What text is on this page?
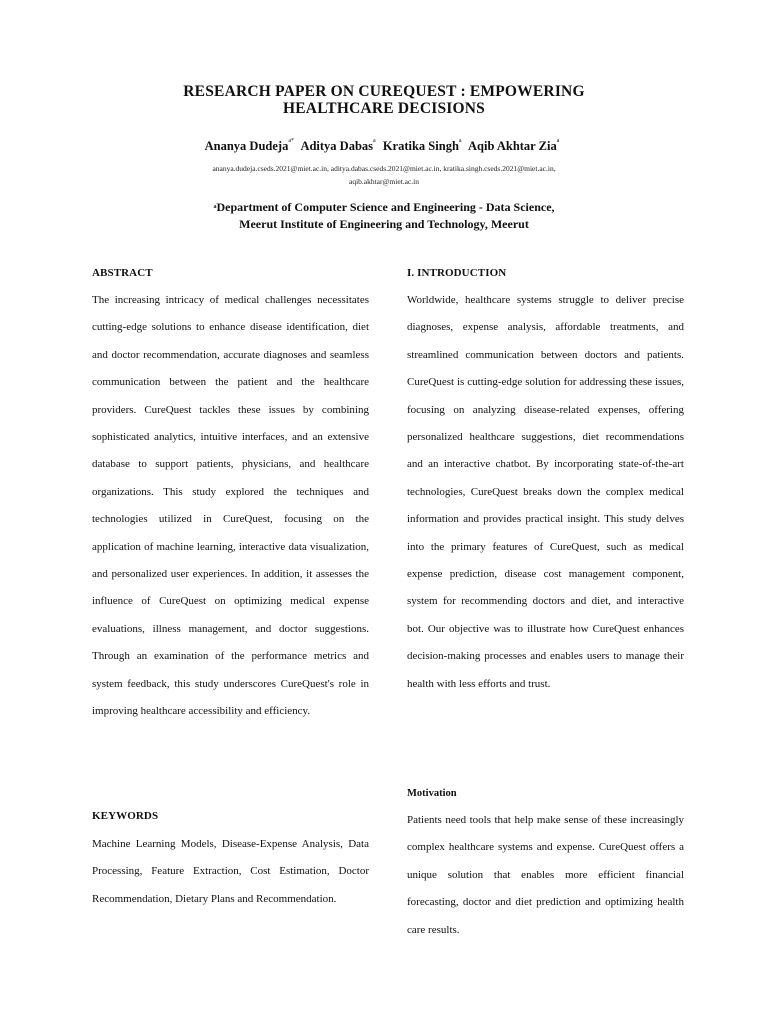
RESEARCH PAPER ON CUREQUEST : EMPOWERING
HEALTHCARE DECISIONS
Ananya Dudeja$^{a*}$ Aditya Dabas$^a$ Kratika Singh$^a$ Aqib Akhtar Zia$^a$
ananya.dudeja.cseds.2021@miet.ac.in, aditya.dabas.cseds.2021@miet.ac.in, kratika.singh.cseds.2021@miet.ac.in,
aqib.akhtar@miet.ac.in
$^a$Department of Computer Science and Engineering - Data Science,
Meerut Institute of Engineering and Technology, Meerut
ABSTRACT

The increasing intricacy of medical challenges necessitates cutting-edge solutions to enhance disease identification, diet and doctor recommendation, accurate diagnoses and seamless communication between the patient and the healthcare providers. CureQuest tackles these issues by combining sophisticated analytics, intuitive interfaces, and an extensive database to support patients, physicians, and healthcare organizations. This study explored the techniques and technologies utilized in CureQuest, focusing on the application of machine learning, interactive data visualization, and personalized user experiences. In addition, it assesses the influence of CureQuest on optimizing medical expense evaluations, illness management, and doctor suggestions. Through an examination of the performance metrics and system feedback, this study underscores CureQuest's role in improving healthcare accessibility and efficiency.

KEYWORDS

Machine Learning Models, Disease-Expense Analysis, Data Processing, Feature Extraction, Cost Estimation, Doctor Recommendation, Dietary Plans and Recommendation.

I. INTRODUCTION

Worldwide, healthcare systems struggle to deliver precise diagnoses, expense analysis, affordable treatments, and streamlined communication between doctors and patients. CureQuest is cutting-edge solution for addressing these issues, focusing on analyzing disease-related expenses, offering personalized healthcare suggestions, diet recommendations and an interactive chatbot. By incorporating state-of-the-art technologies, CureQuest breaks down the complex medical information and provides practical insight. This study delves into the primary features of CureQuest, such as medical expense prediction, disease cost management component, system for recommending doctors and diet, and interactive bot. Our objective was to illustrate how CureQuest enhances decision-making processes and enables users to manage their health with less efforts and trust.

Motivation

Patients need tools that help make sense of these increasingly complex healthcare systems and expense. CureQuest offers a unique solution that enables more efficient financial forecasting, doctor and diet prediction and optimizing health care results.
